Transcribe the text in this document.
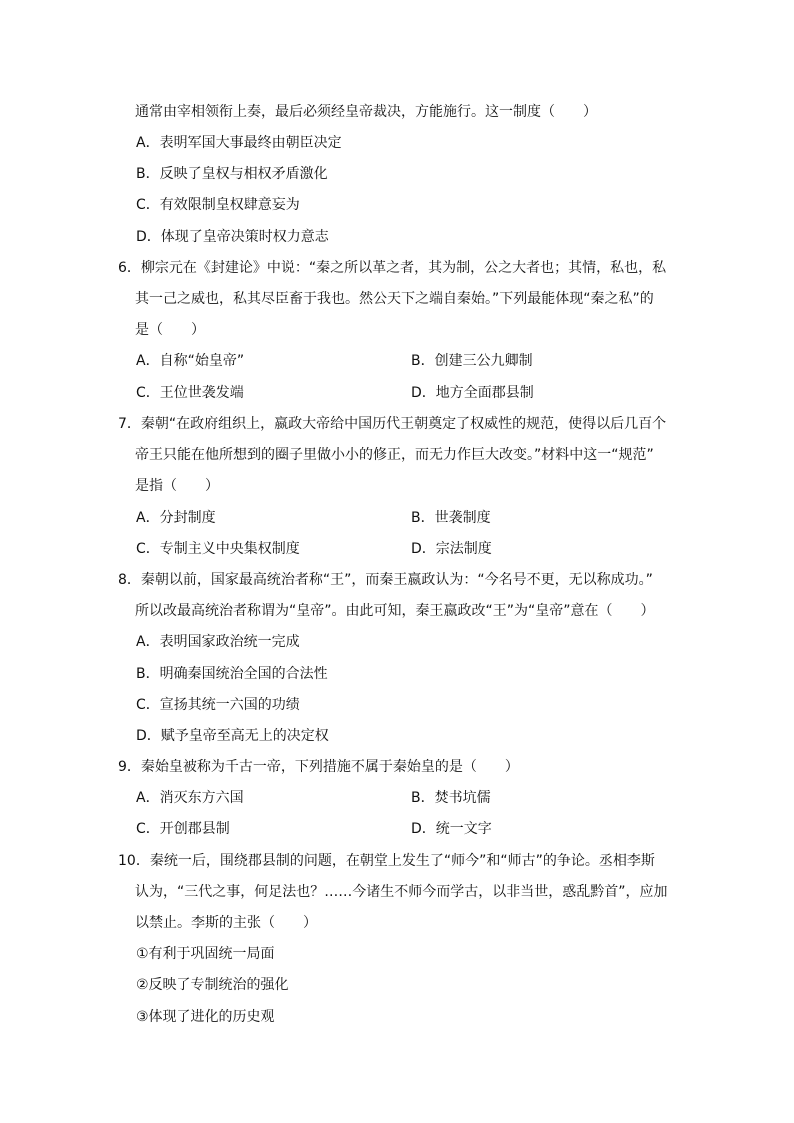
通常由宰相领衔上奏，最后必须经皇帝裁决，方能施行。这一制度（　　）
A．表明军国大事最终由朝臣决定
B．反映了皇权与相权矛盾激化
C．有效限制皇权肆意妄为
D．体现了皇帝决策时权力意志
6．柳宗元在《封建论》中说：“秦之所以革之者，其为制，公之大者也；其情，私也，私
其一己之威也，私其尽臣畜于我也。然公天下之端自秦始。”下列最能体现“秦之私”的
是（　　）
A．自称“始皇帝”	B．创建三公九卿制
C．王位世袭发端	D．地方全面郡县制
7．秦朝“在政府组织上，嬴政大帝给中国历代王朝奠定了权威性的规范，使得以后几百个
帝王只能在他所想到的圈子里做小小的修正，而无力作巨大改变。”材料中这一“规范”
是指（　　）
A．分封制度	B．世袭制度
C．专制主义中央集权制度	D．宗法制度
8．秦朝以前，国家最高统治者称“王”，而秦王嬴政认为：“今名号不更，无以称成功。”
所以改最高统治者称谓为“皇帝”。由此可知，秦王嬴政改“王”为“皇帝”意在（　　）
A．表明国家政治统一完成
B．明确秦国统治全国的合法性
C．宣扬其统一六国的功绩
D．赋予皇帝至高无上的决定权
9．秦始皇被称为千古一帝，下列措施不属于秦始皇的是（　　）
A．消灭东方六国	B．焚书坑儒
C．开创郡县制	D．统一文字
10．秦统一后，围绕郡县制的问题，在朝堂上发生了“师今”和“师古”的争论。丞相李斯
认为，“三代之事，何足法也？……今诸生不师今而学古，以非当世，惑乱黔首”，应加
以禁止。李斯的主张（　　）
①有利于巩固统一局面
②反映了专制统治的强化
③体现了进化的历史观
